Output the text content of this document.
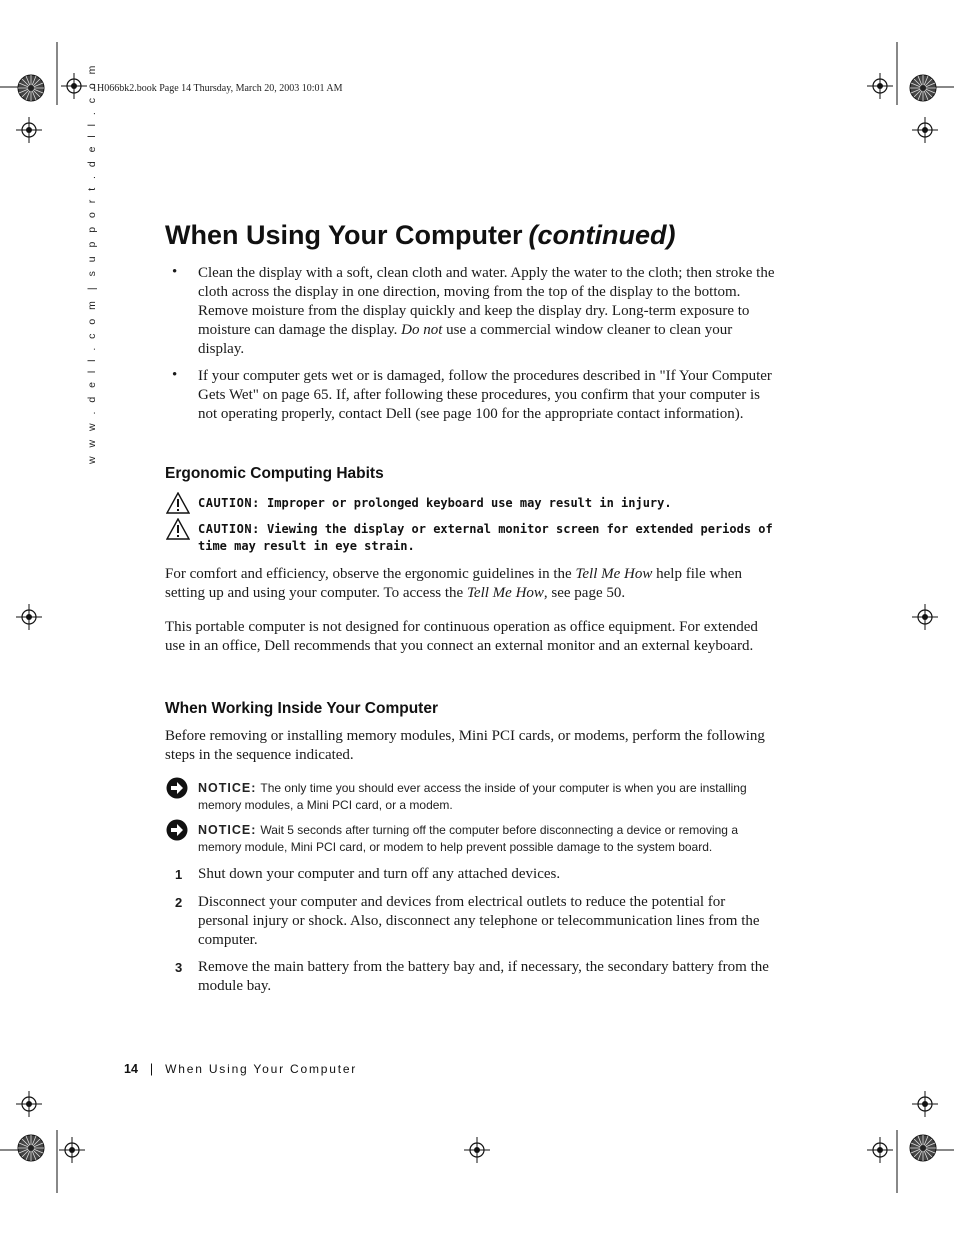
1H066bk2.book Page 14 Thursday, March 20, 2003 10:01 AM
w w w . d e l l . c o m|s u p p o r t . d e l l . c o m When Using Your Computer (continued)
• Clean the display with a soft, clean cloth and water. Apply the water to the cloth; then stroke the cloth across the display in one direction, moving from the top of the display to the bottom. Remove moisture from the display quickly and keep the display dry. Long-term exposure to moisture can damage the display. Do not use a commercial window cleaner to clean your display.
• If your computer gets wet or is damaged, follow the procedures described in "If Your Computer Gets Wet" on page 65. If, after following these procedures, you confirm that your computer is not operating properly, contact Dell (see page 100 for the appropriate contact information).
Ergonomic Computing Habits
CAUTION: Improper or prolonged keyboard use may result in injury.
CAUTION: Viewing the display or external monitor screen for extended periods of time may result in eye strain.
For comfort and efficiency, observe the ergonomic guidelines in the Tell Me How help file when setting up and using your computer. To access the Tell Me How, see page 50.
This portable computer is not designed for continuous operation as office equipment. For extended use in an office, Dell recommends that you connect an external monitor and an external keyboard.
When Working Inside Your Computer
Before removing or installing memory modules, Mini PCI cards, or modems, perform the following steps in the sequence indicated.
NOTICE: The only time you should ever access the inside of your computer is when you are installing memory modules, a Mini PCI card, or a modem.
NOTICE: Wait 5 seconds after turning off the computer before disconnecting a device or removing a memory module, Mini PCI card, or modem to help prevent possible damage to the system board.
1 Shut down your computer and turn off any attached devices.
2 Disconnect your computer and devices from electrical outlets to reduce the potential for personal injury or shock. Also, disconnect any telephone or telecommunication lines from the computer.
3 Remove the main battery from the battery bay and, if necessary, the secondary battery from the module bay.
14 | When Using Your Computer
